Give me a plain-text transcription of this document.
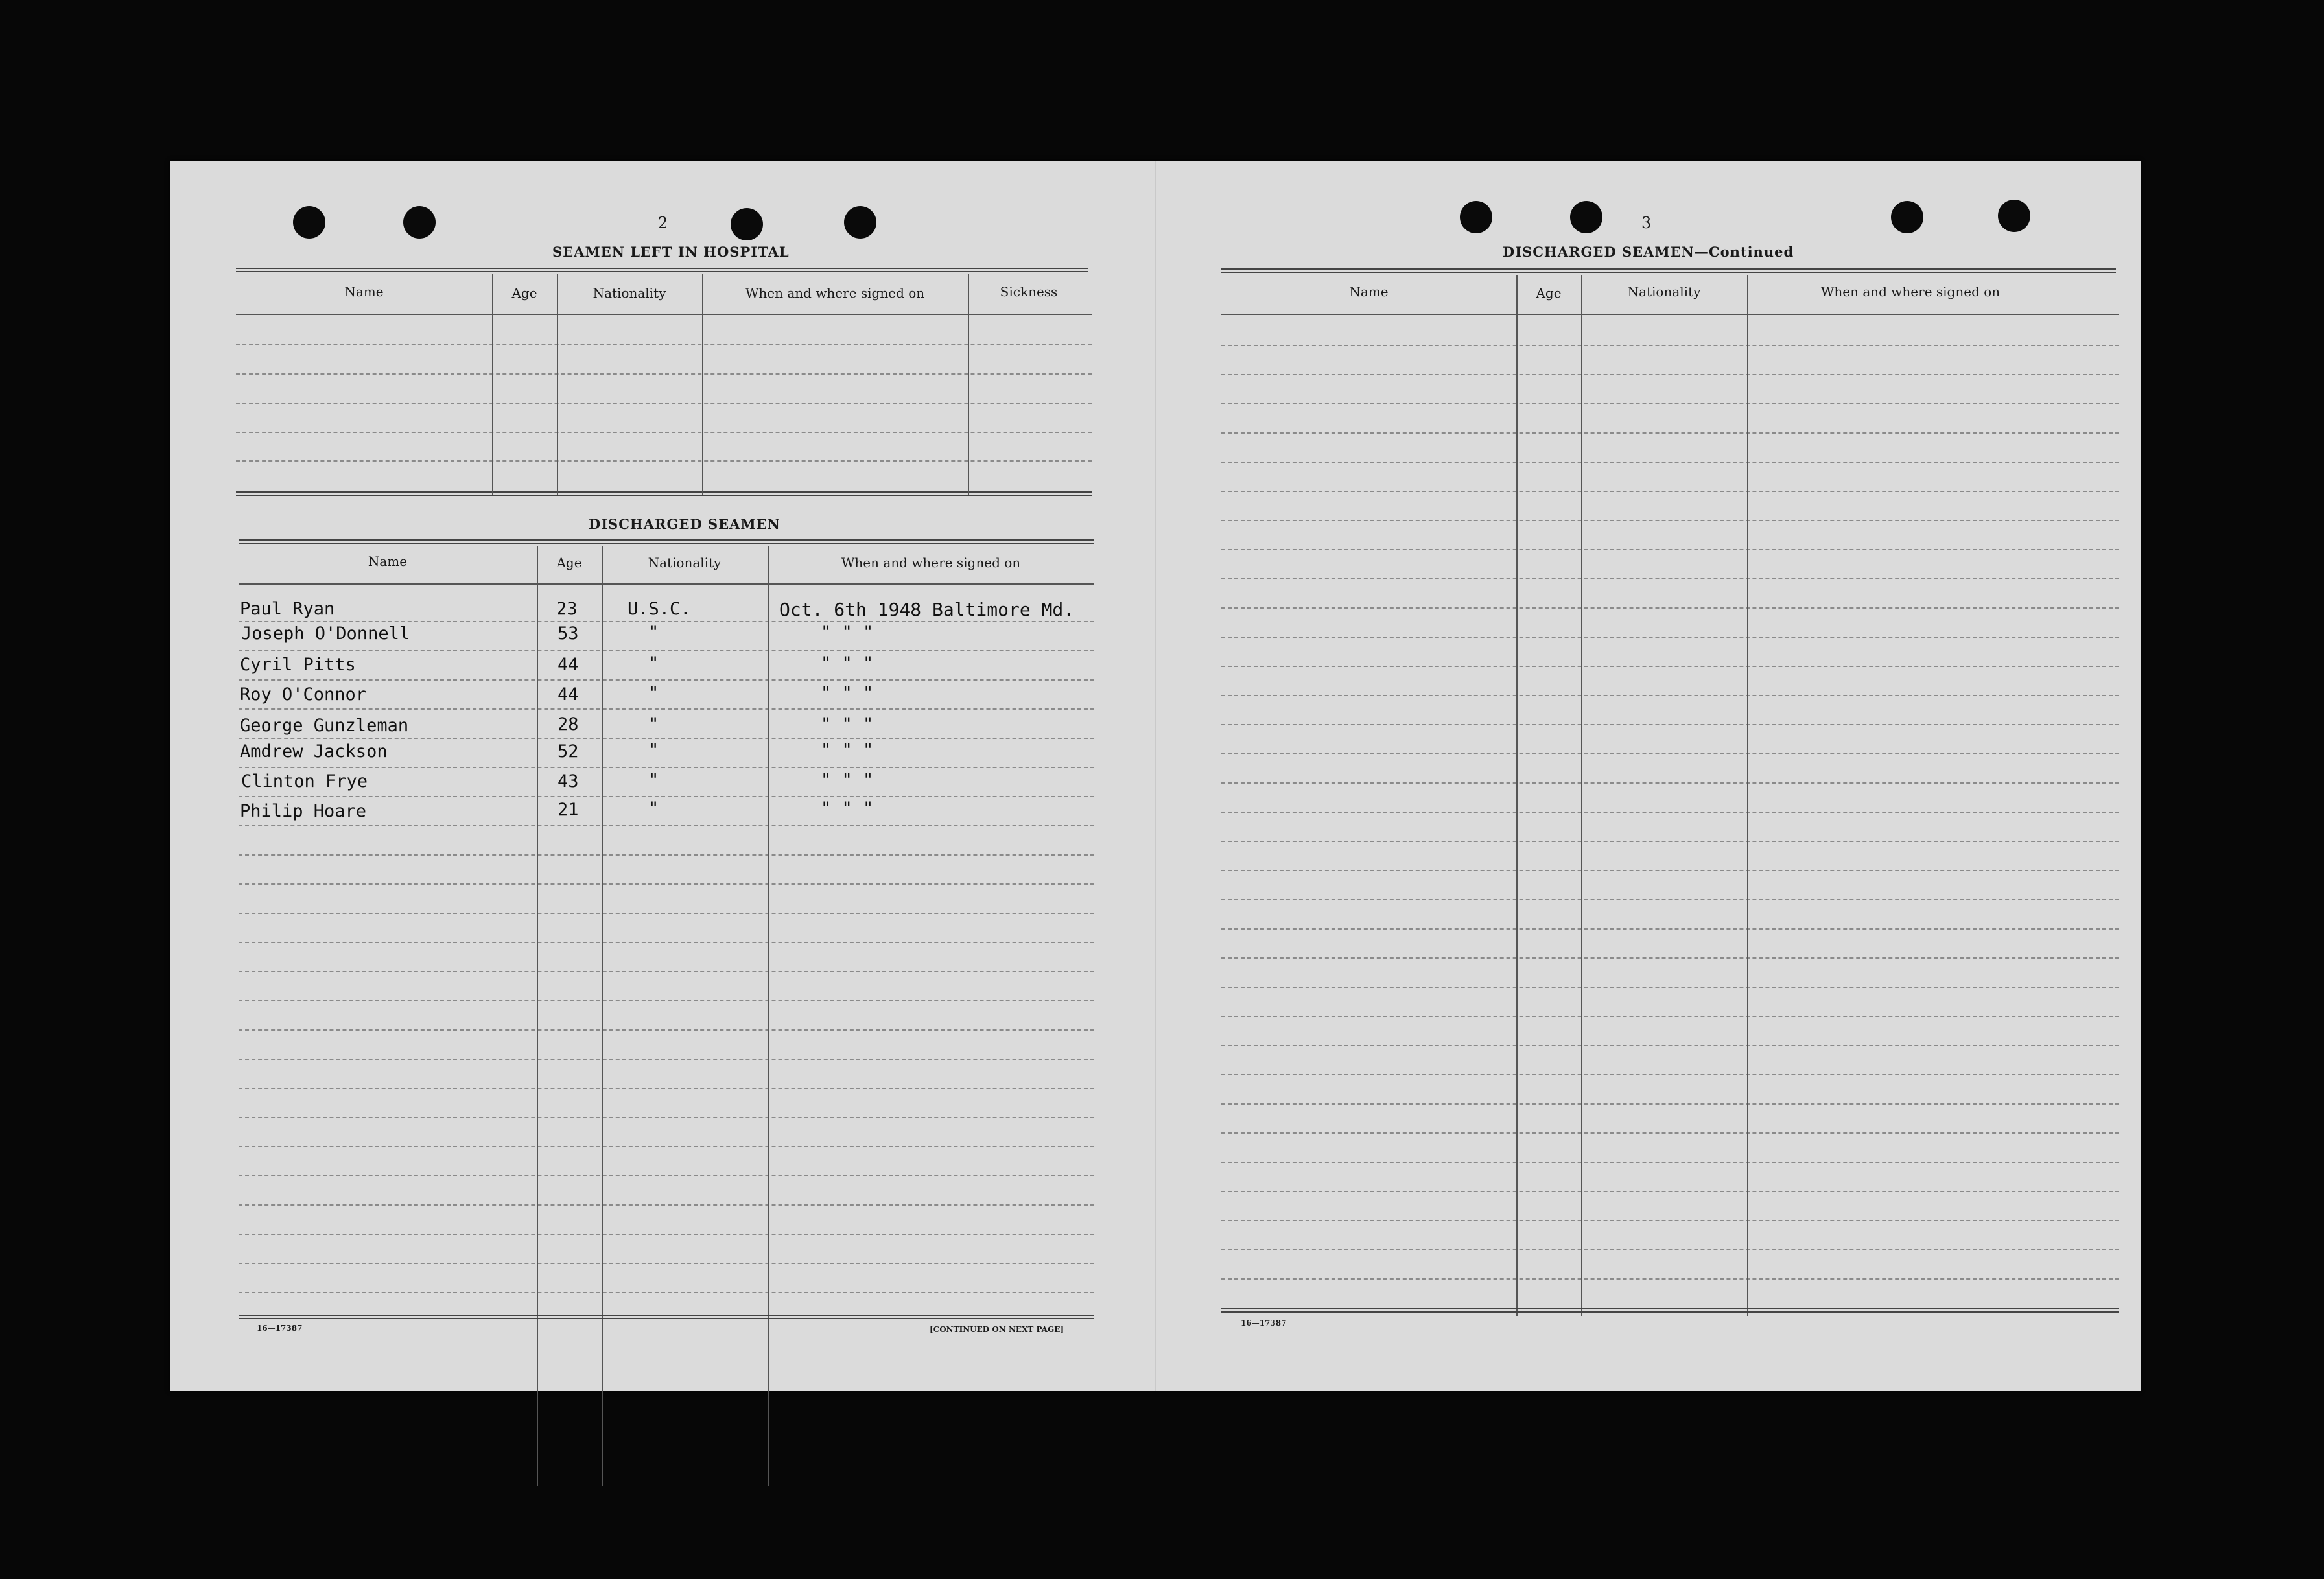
2
SEAMEN LEFT IN HOSPITAL
Name	Age	Nationality	When and where signed on	Sickness
DISCHARGED SEAMEN
Name	Age	Nationality	When and where signed on
Paul Ryan	23	U.S.C.	Oct. 6th 1948 Baltimore Md.
Joseph O'Donnell	53	"	" " "
Cyril Pitts	44	"	" " "
Roy O'Connor	44	"	" " "
George Gunzleman	28	"	" " "
Amdrew Jackson	52	"	" " "
Clinton Frye	43	"	" " "
Philip Hoare	21	"	" " "
16—17387	[CONTINUED ON NEXT PAGE]
3
DISCHARGED SEAMEN—Continued
Name	Age	Nationality	When and where signed on
16—17387
